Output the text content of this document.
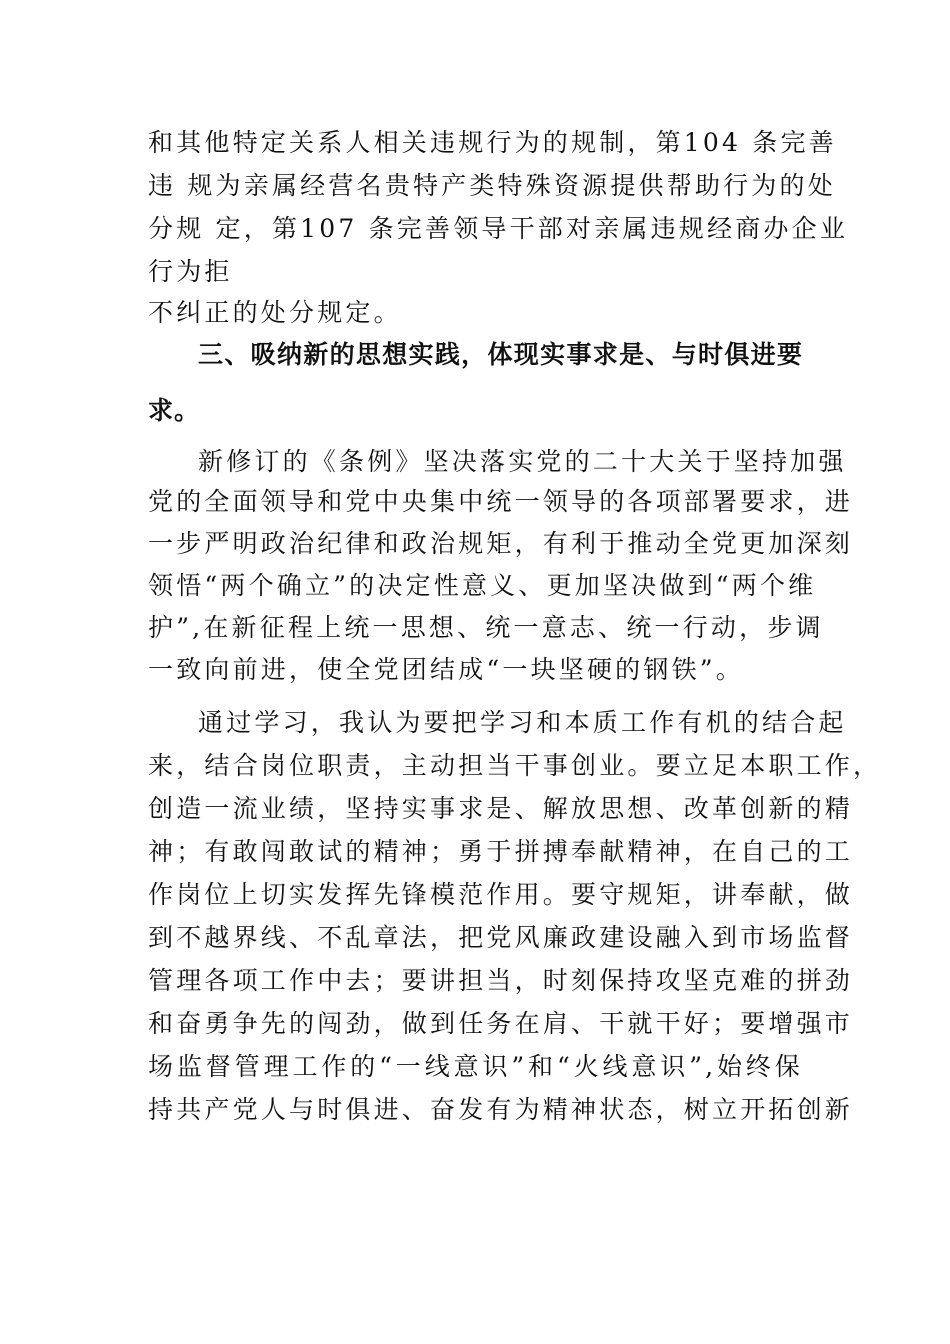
和其他特定关系人相关违规行为的规制，第104 条完善
违 规为亲属经营名贵特产类特殊资源提供帮助行为的处
分规 定，第107 条完善领导干部对亲属违规经商办企业
行为拒
不纠正的处分规定。
三、吸纳新的思想实践，体现实事求是、与时俱进要
求。
新修订的《条例》坚决落实党的二十大关于坚持加强
党的全面领导和党中央集中统一领导的各项部署要求，进
一步严明政治纪律和政治规矩，有利于推动全党更加深刻
领悟“两个确立”的决定性意义、更加坚决做到“两个维
护”,在新征程上统一思想、统一意志、统一行动，步调
一致向前进，使全党团结成“一块坚硬的钢铁”。
通过学习，我认为要把学习和本质工作有机的结合起
来，结合岗位职责，主动担当干事创业。要立足本职工作，
创造一流业绩，坚持实事求是、解放思想、改革创新的精
神；有敢闯敢试的精神；勇于拼搏奉献精神，在自己的工
作岗位上切实发挥先锋模范作用。要守规矩，讲奉献，做
到不越界线、不乱章法，把党风廉政建设融入到市场监督
管理各项工作中去；要讲担当，时刻保持攻坚克难的拼劲
和奋勇争先的闯劲，做到任务在肩、干就干好；要增强市
场监督管理工作的“一线意识”和“火线意识”,始终保
持共产党人与时俱进、奋发有为精神状态，树立开拓创新
